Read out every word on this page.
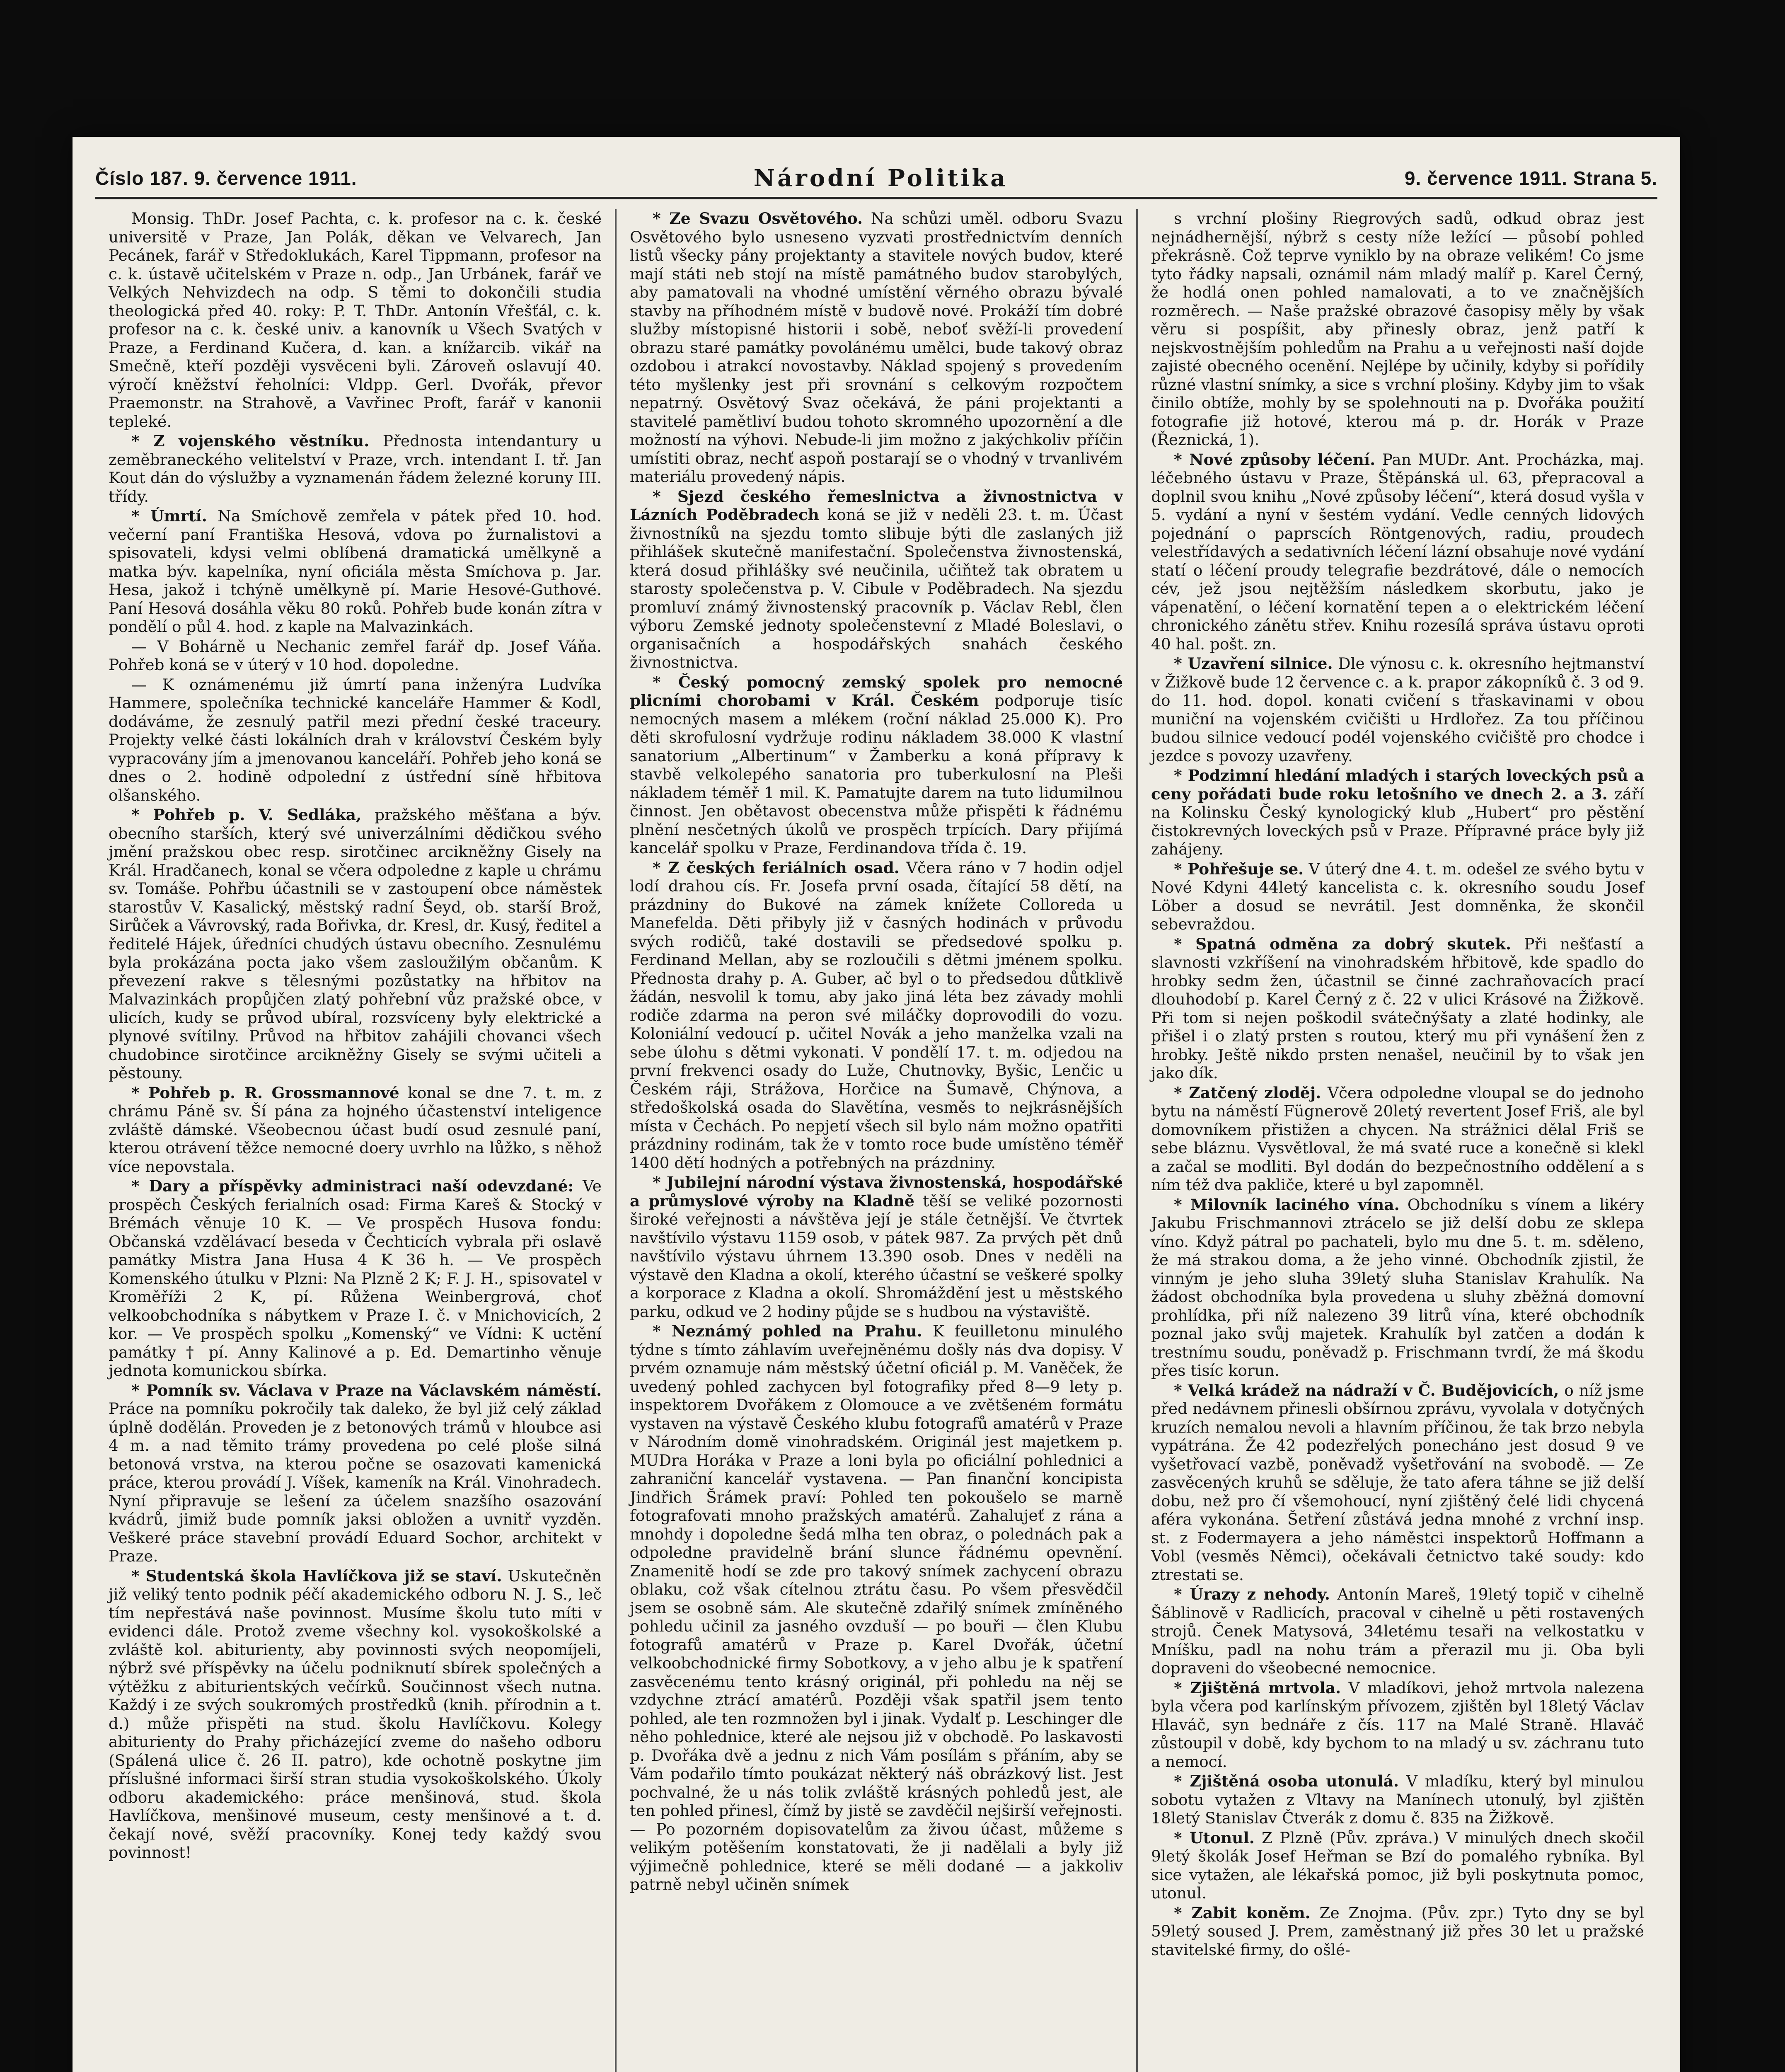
Číslo 187. 9. července 1911.	Národní Politika	9. července 1911. Strana 5.

Monsig. ThDr. Josef Pachta, c. k. profesor na c. k. české universitě v Praze, Jan Polák, děkan ve Velvarech, Jan Pecánek, farář v Středoklukách, Karel Tippmann, profesor na c. k. ústavě učitelském v Praze n. odp., Jan Urbánek, farář ve Velkých Nehvizdech na odp. S těmi to dokončili studia theologická před 40. roky: P. T. ThDr. Antonín Vřešťál, c. k. profesor na c. k. české univ. a kanovník u Všech Svatých v Praze, a Ferdinand Kučera, d. kan. a knížarcib. vikář na Smečně, kteří později vysvěceni byli. Zároveň oslavují 40. výročí kněžství řeholníci: Vldpp. Gerl. Dvořák, převor Praemonstr. na Strahově, a Vavřinec Proft, farář v kanonii tepleké.

* Z vojenského věstníku. Přednosta intendantury u zeměbraneckého velitelství v Praze, vrch. intendant I. tř. Jan Kout dán do výslužby a vyznamenán řádem železné koruny III. třídy.

* Úmrtí. Na Smíchově zemřela v pátek před 10. hod. večerní paní Františka Hesová, vdova po žurnalistovi a spisovateli, kdysi velmi oblíbená dramatická umělkyně a matka býv. kapelníka, nyní oficiála města Smíchova p. Jar. Hesa, jakož i tchýně umělkyně pí. Marie Hesové-Guthové. Paní Hesová dosáhla věku 80 roků. Pohřeb bude konán zítra v pondělí o půl 4. hod. z kaple na Malvazinkách.

— V Bohárně u Nechanic zemřel farář dp. Josef Váňa. Pohřeb koná se v úterý v 10 hod. dopoledne.

— K oznámenému již úmrtí pana inženýra Ludvíka Hammere, společníka technické kanceláře Hammer & Kodl, dodáváme, že zesnulý patřil mezi přední české traceury. Projekty velké části lokálních drah v království Českém byly vypracovány jím a jmenovanou kanceláří. Pohřeb jeho koná se dnes o 2. hodině odpolední z ústřední síně hřbitova olšanského.

* Pohřeb p. V. Sedláka, pražského měšťana a býv. obecního starších, který své univerzálními dědičkou svého jmění pražskou obec resp. sirotčinec arcikněžny Gisely na Král. Hradčanech, konal se včera odpoledne z kaple u chrámu sv. Tomáše. Pohřbu účastnili se v zastoupení obce náměstek starostův V. Kasalický, městský radní Šeyd, ob. starší Brož, Sirůček a Vávrovský, rada Bořivka, dr. Kresl, dr. Kusý, ředitel a ředitelé Hájek, úředníci chudých ústavu obecního. Zesnulému byla prokázána pocta jako všem zasloužilým občanům. K převezení rakve s tělesnými pozůstatky na hřbitov na Malvazinkách propůjčen zlatý pohřební vůz pražské obce, v ulicích, kudy se průvod ubíral, rozsvíceny byly elektrické a plynové svítilny. Průvod na hřbitov zahájili chovanci všech chudobince sirotčince arcikněžny Gisely se svými učiteli a pěstouny.

* Pohřeb p. R. Grossmannové konal se dne 7. t. m. z chrámu Páně sv. Ší pána za hojného účastenství inteligence zvláště dámské. Všeobecnou účast budí osud zesnulé paní, kterou otrávení těžce nemocné doery uvrhlo na lůžko, s něhož více nepovstala.

* Dary a příspěvky administraci naší odevzdané: Ve prospěch Českých ferialních osad: Firma Kareš & Stocký v Brémách věnuje 10 K. — Ve prospěch Husova fondu: Občanská vzdělávací beseda v Čechticích vybrala při oslavě památky Mistra Jana Husa 4 K 36 h. — Ve prospěch Komenského útulku v Plzni: Na Plzně 2 K; F. J. H., spisovatel v Kroměříži 2 K, pí. Růžena Weinbergrová, choť velkoobchodníka s nábytkem v Praze I. č. v Mnichovicích, 2 kor. — Ve prospěch spolku „Komenský“ ve Vídni: K uctění památky † pí. Anny Kalinové a p. Ed. Demartinho věnuje jednota komunickou sbírka.

* Pomník sv. Václava v Praze na Václavském náměstí. Práce na pomníku pokročily tak daleko, že byl již celý základ úplně dodělán. Proveden je z betonových trámů v hloubce asi 4 m. a nad těmito trámy provedena po celé ploše silná betonová vrstva, na kterou počne se osazovati kamenická práce, kterou provádí J. Víšek, kameník na Král. Vinohradech. Nyní připravuje se lešení za účelem snazšího osazování kvádrů, jimiž bude pomník jaksi obložen a uvnitř vyzděn. Veškeré práce stavební provádí Eduard Sochor, architekt v Praze.

* Studentská škola Havlíčkova již se staví. Uskutečněn již veliký tento podnik péčí akademického odboru N. J. S., leč tím nepřestává naše povinnost. Musíme školu tuto míti v evidenci dále. Protož zveme všechny kol. vysokoškolské a zvláště kol. abiturienty, aby povinnosti svých neopomíjeli, nýbrž své příspěvky na účelu podniknutí sbírek společných a výtěžku z abiturientských večírků. Součinnost všech nutna. Každý i ze svých soukromých prostředků (knih. přírodnin a t. d.) může přispěti na stud. školu Havlíčkovu. Kolegy abiturienty do Prahy přicházející zveme do našeho odboru (Spálená ulice č. 26 II. patro), kde ochotně poskytne jim příslušné informaci širší stran studia vysokoškolského. Úkoly odboru akademického: práce menšinová, stud. škola Havlíčkova, menšinové museum, cesty menšinové a t. d. čekají nové, svěží pracovníky. Konej tedy každý svou povinnost!

* Ze Svazu Osvětového. Na schůzi uměl. odboru Svazu Osvětového bylo usneseno vyzvati prostřednictvím denních listů všecky pány projektanty a stavitele nových budov, které mají státi neb stojí na místě památného budov starobylých, aby pamatovali na vhodné umístění věrného obrazu bývalé stavby na příhodném místě v budově nové. Prokáží tím dobré služby místopisné historii i sobě, neboť svěží-li provedení obrazu staré památky povolánému umělci, bude takový obraz ozdobou i atrakcí novostavby. Náklad spojený s provedením této myšlenky jest při srovnání s celkovým rozpočtem nepatrný. Osvětový Svaz očekává, že páni projektanti a stavitelé pamětliví budou tohoto skromného upozornění a dle možností na výhovi. Nebude-li jim možno z jakýchkoliv příčin umístiti obraz, nechť aspoň postarají se o vhodný v trvanlivém materiálu provedený nápis.

* Sjezd českého řemeslnictva a živnostnictva v Lázních Poděbradech koná se již v neděli 23. t. m. Účast živnostníků na sjezdu tomto slibuje býti dle zaslaných již přihlášek skutečně manifestační. Společenstva živnostenská, která dosud přihlášky své neučinila, učiňtež tak obratem u starosty společenstva p. V. Cibule v Poděbradech. Na sjezdu promluví známý živnostenský pracovník p. Václav Rebl, člen výboru Zemské jednoty společenstevní z Mladé Boleslavi, o organisačních a hospodářských snahách českého živnostnictva.

* Český pomocný zemský spolek pro nemocné plicními chorobami v Král. Českém podporuje tisíc nemocných masem a mlékem (roční náklad 25.000 K). Pro děti skrofulosní vydržuje rodinu nákladem 38.000 K vlastní sanatorium „Albertinum“ v Žamberku a koná přípravy k stavbě velkolepého sanatoria pro tuberkulosní na Pleši nákladem téměř 1 mil. K. Pamatujte darem na tuto lidumilnou činnost. Jen obětavost obecenstva může přispěti k řádnému plnění nesčetných úkolů ve prospěch trpících. Dary přijímá kancelář spolku v Praze, Ferdinandova třída č. 19.

* Z českých feriálních osad. Včera ráno v 7 hodin odjel lodí drahou cís. Fr. Josefa první osada, čítající 58 dětí, na prázdniny do Bukové na zámek knížete Colloreda u Manefelda. Děti přibyly již v časných hodinách v průvodu svých rodičů, také dostavili se předsedové spolku p. Ferdinand Mellan, aby se rozloučili s dětmi jménem spolku. Přednosta drahy p. A. Guber, ač byl o to předsedou důtklivě žádán, nesvolil k tomu, aby jako jiná léta bez závady mohli rodiče zdarma na peron své miláčky doprovodili do vozu. Koloniální vedoucí p. učitel Novák a jeho manželka vzali na sebe úlohu s dětmi vykonati. V pondělí 17. t. m. odjedou na první frekvenci osady do Luže, Chutnovky, Byšic, Lenčic u Českém ráji, Strážova, Horčice na Šumavě, Chýnova, a středoškolská osada do Slavětína, vesměs to nejkrásnějších místa v Čechách. Po nepjetí všech sil bylo nám možno opatřiti prázdniny rodinám, tak že v tomto roce bude umístěno téměř 1400 dětí hodných a potřebných na prázdniny.

* Jubilejní národní výstava živnostenská, hospodářské a průmyslové výroby na Kladně těší se veliké pozornosti široké veřejnosti a návštěva její je stále četnější. Ve čtvrtek navštívilo výstavu 1159 osob, v pátek 987. Za prvých pět dnů navštívilo výstavu úhrnem 13.390 osob. Dnes v neděli na výstavě den Kladna a okolí, kterého účastní se veškeré spolky a korporace z Kladna a okolí. Shromáždění jest u městského parku, odkud ve 2 hodiny půjde se s hudbou na výstaviště.

* Neznámý pohled na Prahu. K feuilletonu minulého týdne s tímto záhlavím uveřejněnému došly nás dva dopisy. V prvém oznamuje nám městský účetní oficiál p. M. Vaněček, že uvedený pohled zachycen byl fotografiky před 8—9 lety p. inspektorem Dvořákem z Olomouce a ve zvětšeném formátu vystaven na výstavě Českého klubu fotografů amatérů v Praze v Národním domě vinohradském. Originál jest majetkem p. MUDra Horáka v Praze a loni byla po oficiální pohlednici a zahraniční kancelář vystavena. — Pan finanční koncipista Jindřich Šrámek praví: Pohled ten pokoušelo se marně fotografovati mnoho pražských amatérů. Zahalujeť z rána a mnohdy i dopoledne šedá mlha ten obraz, o polednách pak a odpoledne pravidelně brání slunce řádnému opevnění. Znamenitě hodí se zde pro takový snímek zachycení obrazu oblaku, což však cítelnou ztrátu času. Po všem přesvědčil jsem se osobně sám. Ale skutečně zdařilý snímek zmíněného pohledu učinil za jasného ovzduší — po bouři — člen Klubu fotografů amatérů v Praze p. Karel Dvořák, účetní velkoobchodnické firmy Sobotkovy, a v jeho albu je k spatření zasvěcenému tento krásný originál, při pohledu na něj se vzdychne ztrácí amatérů. Později však spatřil jsem tento pohled, ale ten rozmnožen byl i jinak. Vydalť p. Leschinger dle něho pohlednice, které ale nejsou již v obchodě. Po laskavosti p. Dvořáka dvě a jednu z nich Vám posílám s přáním, aby se Vám podařilo tímto poukázat některý náš obrázkový list. Jest pochvalné, že u nás tolik zvláště krásných pohledů jest, ale ten pohled přinesl, čímž by jistě se zavděčil nejširší veřejnosti. — Po pozorném dopisovatelům za živou účast, můžeme s velikým potěšením konstatovati, že ji nadělali a byly již výjimečně pohlednice, které se měli dodané — a jakkoliv patrně nebyl učiněn snímek

s vrchní plošiny Riegrových sadů, odkud obraz jest nejnádhernější, nýbrž s cesty níže ležící — působí pohled překrásně. Což teprve vyniklo by na obraze velikém! Co jsme tyto řádky napsali, oznámil nám mladý malíř p. Karel Černý, že hodlá onen pohled namalovati, a to ve značnějších rozměrech. — Naše pražské obrazové časopisy měly by však věru si pospíšit, aby přinesly obraz, jenž patří k nejskvostnějším pohledům na Prahu a u veřejnosti naší dojde zajisté obecného ocenění. Nejlépe by učinily, kdyby si pořídily různé vlastní snímky, a sice s vrchní plošiny. Kdyby jim to však činilo obtíže, mohly by se spolehnouti na p. Dvořáka použití fotografie již hotové, kterou má p. dr. Horák v Praze (Řeznická, 1).

* Nové způsoby léčení. Pan MUDr. Ant. Procházka, maj. léčebného ústavu v Praze, Štěpánská ul. 63, přepracoval a doplnil svou knihu „Nové způsoby léčení“, která dosud vyšla v 5. vydání a nyní v šestém vydání. Vedle cenných lidových pojednání o paprscích Röntgenových, radiu, proudech velestřídavých a sedativních léčení lázní obsahuje nové vydání statí o léčení proudy telegrafie bezdrátové, dále o nemocích cév, jež jsou nejtěžším následkem skorbutu, jako je vápenatění, o léčení kornatění tepen a o elektrickém léčení chronického zánětu střev. Knihu rozesílá správa ústavu oproti 40 hal. pošt. zn.

* Uzavření silnice. Dle výnosu c. k. okresního hejtmanství v Žižkově bude 12 července c. a k. prapor zákopníků č. 3 od 9. do 11. hod. dopol. konati cvičení s třaskavinami v obou muniční na vojenském cvičišti u Hrdlořez. Za tou příčinou budou silnice vedoucí podél vojenského cvičiště pro chodce i jezdce s povozy uzavřeny.

* Podzimní hledání mladých i starých lovecký́ch psů a ceny pořádati bude roku letošního ve dnech 2. a 3. září na Kolinsku Český kynologický klub „Hubert“ pro pěstění čistokrevných loveckých psů v Praze. Přípravné práce byly již zahájeny.

* Pohřešuje se. V úterý dne 4. t. m. odešel ze svého bytu v Nové Kdyni 44letý kancelista c. k. okresního soudu Josef Löber a dosud se nevrátil. Jest domněnka, že skončil sebevraždou.

* Spatná odměna za dobrý skutek. Při nešťastí a slavnosti vzkříšení na vinohradském hřbitově, kde spadlo do hrobky sedm žen, účastnil se činné zachraňovacích prací dlouhodobí p. Karel Černý z č. 22 v ulici Krásové na Žižkově. Při tom si nejen poškodil svátečnýšaty a zlaté hodinky, ale přišel i o zlatý prsten s routou, který mu při vynášení žen z hrobky. Ještě nikdo prsten nenašel, neučinil by to však jen jako dík.

* Zatčený zloděj. Včera odpoledne vloupal se do jednoho bytu na náměstí Fügnerově 20letý revertent Josef Friš, ale byl domovníkem přistižen a chycen. Na strážnici dělal Friš se sebe bláznu. Vysvětloval, že má svaté ruce a konečně si klekl a začal se modliti. Byl dodán do bezpečnostního oddělení a s ním též dva pakliče, které u byl zapomněl.

* Milovník laciného vína. Obchodníku s vínem a likéry Jakubu Frischmannovi ztrácelo se již delší dobu ze sklepa víno. Když pátral po pachateli, bylo mu dne 5. t. m. sděleno, že má strakou doma, a že jeho vinné. Obchodník zjistil, že vinným je jeho sluha 39letý sluha Stanislav Krahulík. Na žádost obchodníka byla provedena u sluhy zběžná domovní prohlídka, při níž nalezeno 39 litrů vína, které obchodník poznal jako svůj majetek. Krahulík byl zatčen a dodán k trestnímu soudu, poněvadž p. Frischmann tvrdí, že má škodu přes tisíc korun.

* Velká krádež na nádraží v Č. Budějovicích, o níž jsme před nedávnem přinesli obšírnou zprávu, vyvolala v dotyčných kruzích nemalou nevoli a hlavním příčinou, že tak brzo nebyla vypátrána. Že 42 podezřelých ponecháno jest dosud 9 ve vyšetřovací vazbě, poněvadž vyšetřování na svobodě. — Ze zasvěcených kruhů se sděluje, že tato afera táhne se již delší dobu, než pro čí všemohoucí, nyní zjištěný čelé lidi chycená aféra vykonána. Šetření zůstává jedna mnohé z vrchní insp. st. z Fodermayera a jeho náměstci inspektorů Hoffmann a Vobl (vesměs Němci), očekávali četnictvo také soudy: kdo ztrestati se.

* Úrazy z nehody. Antonín Mareš, 19letý topič v cihelně Šáblinově v Radlicích, pracoval v cihelně u pěti rostavených strojů. Čenek Matysová, 34letému tesaři na velkostatku v Mníšku, padl na nohu trám a přerazil mu ji. Oba byli dopraveni do všeobecné nemocnice.

* Zjištěná mrtvola. V mladíkovi, jehož mrtvola nalezena byla včera pod karlínským přívozem, zjištěn byl 18letý Václav Hlaváč, syn bednáře z čís. 117 na Malé Straně. Hlaváč zůstoupil v době, kdy bychom to na mladý u sv. záchranu tuto a nemocí.

* Zjištěná osoba utonulá. V mladíku, který byl minulou sobotu vytažen z Vltavy na Manínech utonulý, byl zjištěn 18letý Stanislav Čtverák z domu č. 835 na Žižkově.

* Utonul. Z Plzně (Pův. zpráva.) V minulých dnech skočil 9letý školák Josef Heřman se Bzí do pomalého rybníka. Byl sice vytažen, ale lékařská pomoc, již byli poskytnuta pomoc, utonul.

* Zabit koněm. Ze Znojma. (Pův. zpr.) Tyto dny se byl 59letý soused J. Prem, zaměstnaný již přes 30 let u pražské stavitelské firmy, do ošlé-
